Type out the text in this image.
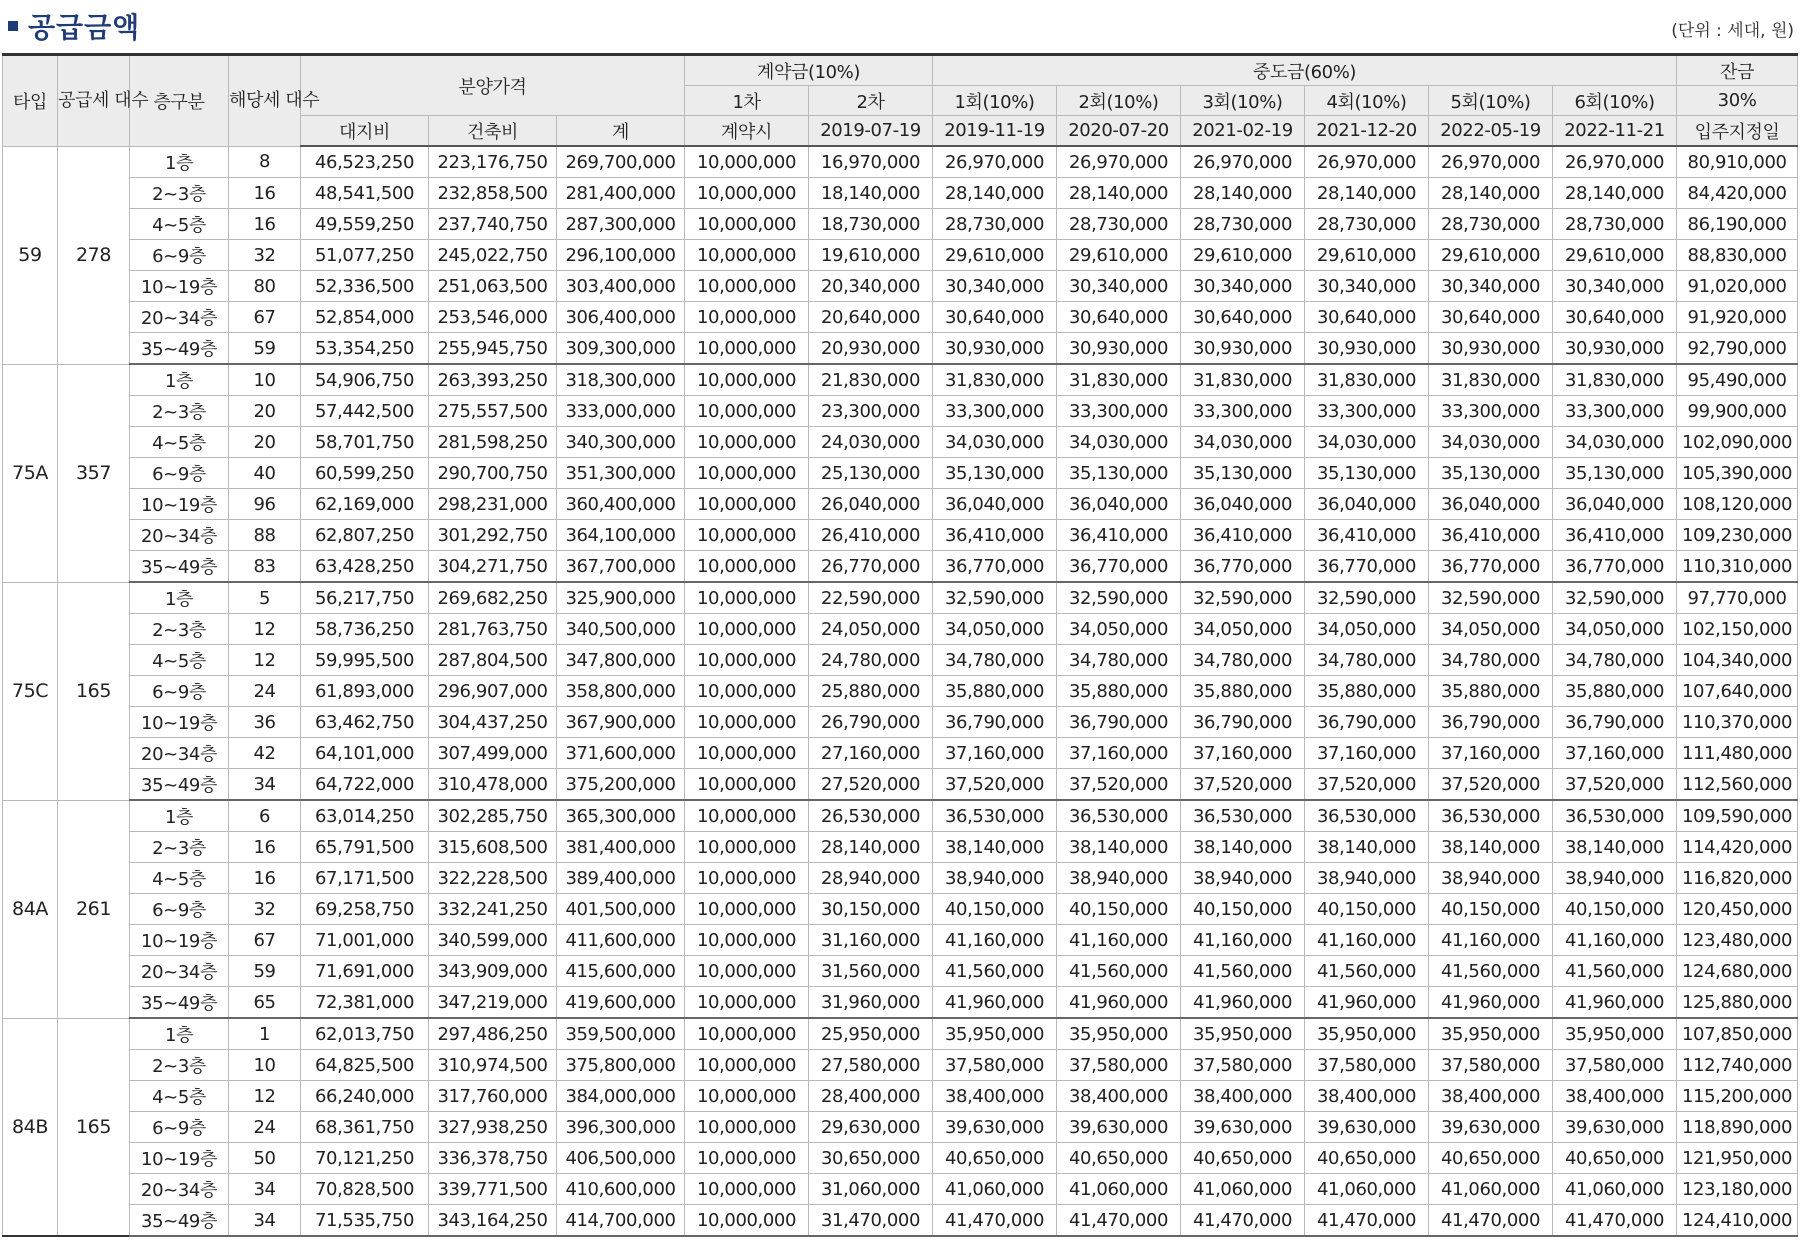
공급금액	(단위 : 세대, 원)
타입	공급세 대수	층구분	해당세 대수	분양가격			계약금(10%)		중도금(60%)						잔금
							1차	2차	1회(10%)	2회(10%)	3회(10%)	4회(10%)	5회(10%)	6회(10%)	30%
				대지비	건축비	계	계약시	2019-07-19	2019-11-19	2020-07-20	2021-02-19	2021-12-20	2022-05-19	2022-11-21	입주지정일
59	278	1층	8	46,523,250	223,176,750	269,700,000	10,000,000	16,970,000	26,970,000	26,970,000	26,970,000	26,970,000	26,970,000	26,970,000	80,910,000
		2~3층	16	48,541,500	232,858,500	281,400,000	10,000,000	18,140,000	28,140,000	28,140,000	28,140,000	28,140,000	28,140,000	28,140,000	84,420,000
		4~5층	16	49,559,250	237,740,750	287,300,000	10,000,000	18,730,000	28,730,000	28,730,000	28,730,000	28,730,000	28,730,000	28,730,000	86,190,000
		6~9층	32	51,077,250	245,022,750	296,100,000	10,000,000	19,610,000	29,610,000	29,610,000	29,610,000	29,610,000	29,610,000	29,610,000	88,830,000
		10~19층	80	52,336,500	251,063,500	303,400,000	10,000,000	20,340,000	30,340,000	30,340,000	30,340,000	30,340,000	30,340,000	30,340,000	91,020,000
		20~34층	67	52,854,000	253,546,000	306,400,000	10,000,000	20,640,000	30,640,000	30,640,000	30,640,000	30,640,000	30,640,000	30,640,000	91,920,000
		35~49층	59	53,354,250	255,945,750	309,300,000	10,000,000	20,930,000	30,930,000	30,930,000	30,930,000	30,930,000	30,930,000	30,930,000	92,790,000
75A	357	1층	10	54,906,750	263,393,250	318,300,000	10,000,000	21,830,000	31,830,000	31,830,000	31,830,000	31,830,000	31,830,000	31,830,000	95,490,000
		2~3층	20	57,442,500	275,557,500	333,000,000	10,000,000	23,300,000	33,300,000	33,300,000	33,300,000	33,300,000	33,300,000	33,300,000	99,900,000
		4~5층	20	58,701,750	281,598,250	340,300,000	10,000,000	24,030,000	34,030,000	34,030,000	34,030,000	34,030,000	34,030,000	34,030,000	102,090,000
		6~9층	40	60,599,250	290,700,750	351,300,000	10,000,000	25,130,000	35,130,000	35,130,000	35,130,000	35,130,000	35,130,000	35,130,000	105,390,000
		10~19층	96	62,169,000	298,231,000	360,400,000	10,000,000	26,040,000	36,040,000	36,040,000	36,040,000	36,040,000	36,040,000	36,040,000	108,120,000
		20~34층	88	62,807,250	301,292,750	364,100,000	10,000,000	26,410,000	36,410,000	36,410,000	36,410,000	36,410,000	36,410,000	36,410,000	109,230,000
		35~49층	83	63,428,250	304,271,750	367,700,000	10,000,000	26,770,000	36,770,000	36,770,000	36,770,000	36,770,000	36,770,000	36,770,000	110,310,000
75C	165	1층	5	56,217,750	269,682,250	325,900,000	10,000,000	22,590,000	32,590,000	32,590,000	32,590,000	32,590,000	32,590,000	32,590,000	97,770,000
		2~3층	12	58,736,250	281,763,750	340,500,000	10,000,000	24,050,000	34,050,000	34,050,000	34,050,000	34,050,000	34,050,000	34,050,000	102,150,000
		4~5층	12	59,995,500	287,804,500	347,800,000	10,000,000	24,780,000	34,780,000	34,780,000	34,780,000	34,780,000	34,780,000	34,780,000	104,340,000
		6~9층	24	61,893,000	296,907,000	358,800,000	10,000,000	25,880,000	35,880,000	35,880,000	35,880,000	35,880,000	35,880,000	35,880,000	107,640,000
		10~19층	36	63,462,750	304,437,250	367,900,000	10,000,000	26,790,000	36,790,000	36,790,000	36,790,000	36,790,000	36,790,000	36,790,000	110,370,000
		20~34층	42	64,101,000	307,499,000	371,600,000	10,000,000	27,160,000	37,160,000	37,160,000	37,160,000	37,160,000	37,160,000	37,160,000	111,480,000
		35~49층	34	64,722,000	310,478,000	375,200,000	10,000,000	27,520,000	37,520,000	37,520,000	37,520,000	37,520,000	37,520,000	37,520,000	112,560,000
84A	261	1층	6	63,014,250	302,285,750	365,300,000	10,000,000	26,530,000	36,530,000	36,530,000	36,530,000	36,530,000	36,530,000	36,530,000	109,590,000
		2~3층	16	65,791,500	315,608,500	381,400,000	10,000,000	28,140,000	38,140,000	38,140,000	38,140,000	38,140,000	38,140,000	38,140,000	114,420,000
		4~5층	16	67,171,500	322,228,500	389,400,000	10,000,000	28,940,000	38,940,000	38,940,000	38,940,000	38,940,000	38,940,000	38,940,000	116,820,000
		6~9층	32	69,258,750	332,241,250	401,500,000	10,000,000	30,150,000	40,150,000	40,150,000	40,150,000	40,150,000	40,150,000	40,150,000	120,450,000
		10~19층	67	71,001,000	340,599,000	411,600,000	10,000,000	31,160,000	41,160,000	41,160,000	41,160,000	41,160,000	41,160,000	41,160,000	123,480,000
		20~34층	59	71,691,000	343,909,000	415,600,000	10,000,000	31,560,000	41,560,000	41,560,000	41,560,000	41,560,000	41,560,000	41,560,000	124,680,000
		35~49층	65	72,381,000	347,219,000	419,600,000	10,000,000	31,960,000	41,960,000	41,960,000	41,960,000	41,960,000	41,960,000	41,960,000	125,880,000
84B	165	1층	1	62,013,750	297,486,250	359,500,000	10,000,000	25,950,000	35,950,000	35,950,000	35,950,000	35,950,000	35,950,000	35,950,000	107,850,000
		2~3층	10	64,825,500	310,974,500	375,800,000	10,000,000	27,580,000	37,580,000	37,580,000	37,580,000	37,580,000	37,580,000	37,580,000	112,740,000
		4~5층	12	66,240,000	317,760,000	384,000,000	10,000,000	28,400,000	38,400,000	38,400,000	38,400,000	38,400,000	38,400,000	38,400,000	115,200,000
		6~9층	24	68,361,750	327,938,250	396,300,000	10,000,000	29,630,000	39,630,000	39,630,000	39,630,000	39,630,000	39,630,000	39,630,000	118,890,000
		10~19층	50	70,121,250	336,378,750	406,500,000	10,000,000	30,650,000	40,650,000	40,650,000	40,650,000	40,650,000	40,650,000	40,650,000	121,950,000
		20~34층	34	70,828,500	339,771,500	410,600,000	10,000,000	31,060,000	41,060,000	41,060,000	41,060,000	41,060,000	41,060,000	41,060,000	123,180,000
		35~49층	34	71,535,750	343,164,250	414,700,000	10,000,000	31,470,000	41,470,000	41,470,000	41,470,000	41,470,000	41,470,000	41,470,000	124,410,000
